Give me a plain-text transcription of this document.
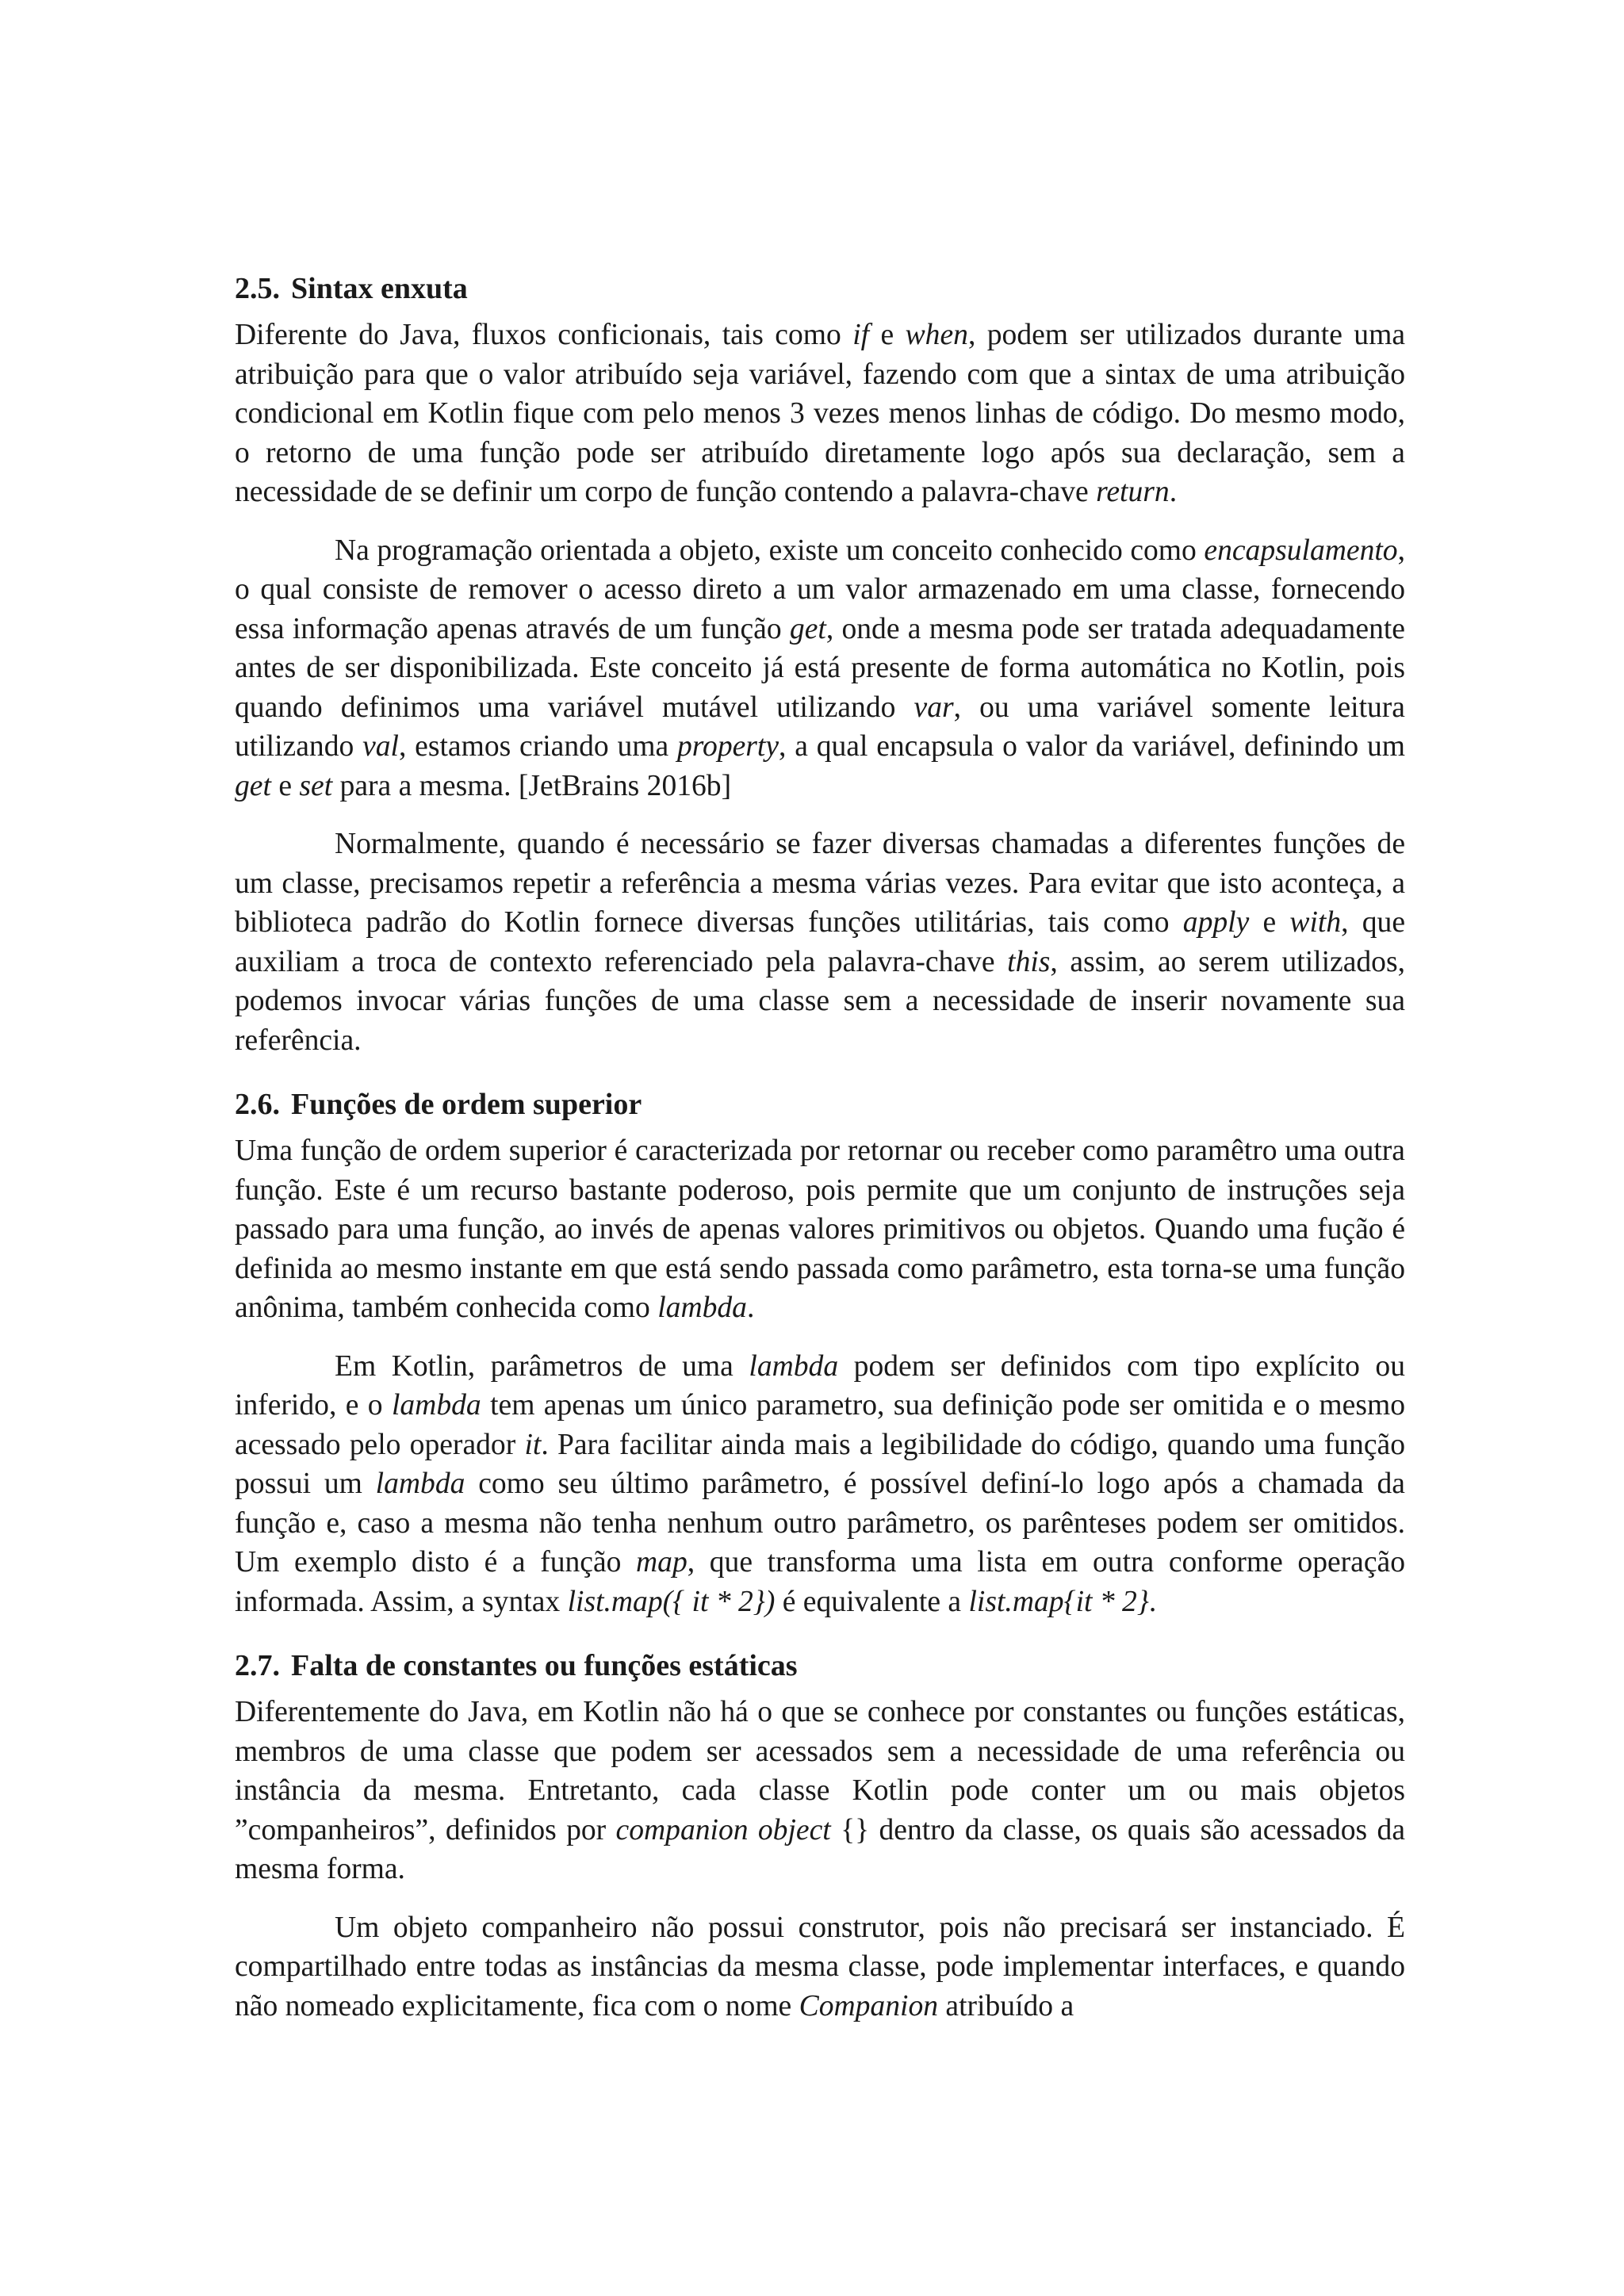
2.5. Sintax enxuta

Diferente do Java, fluxos conficionais, tais como if e when, podem ser utilizados durante uma atribuição para que o valor atribuído seja variável, fazendo com que a sintax de uma atribuição condicional em Kotlin fique com pelo menos 3 vezes menos linhas de código. Do mesmo modo, o retorno de uma função pode ser atribuído diretamente logo após sua declaração, sem a necessidade de se definir um corpo de função contendo a palavra-chave return.

Na programação orientada a objeto, existe um conceito conhecido como encapsulamento, o qual consiste de remover o acesso direto a um valor armazenado em uma classe, fornecendo essa informação apenas através de um função get, onde a mesma pode ser tratada adequadamente antes de ser disponibilizada. Este conceito já está presente de forma automática no Kotlin, pois quando definimos uma variável mutável utilizando var, ou uma variável somente leitura utilizando val, estamos criando uma property, a qual encapsula o valor da variável, definindo um get e set para a mesma. [JetBrains 2016b]

Normalmente, quando é necessário se fazer diversas chamadas a diferentes funções de um classe, precisamos repetir a referência a mesma várias vezes. Para evitar que isto aconteça, a biblioteca padrão do Kotlin fornece diversas funções utilitárias, tais como apply e with, que auxiliam a troca de contexto referenciado pela palavra-chave this, assim, ao serem utilizados, podemos invocar várias funções de uma classe sem a necessidade de inserir novamente sua referência.

2.6. Funções de ordem superior

Uma função de ordem superior é caracterizada por retornar ou receber como paramêtro uma outra função. Este é um recurso bastante poderoso, pois permite que um conjunto de instruções seja passado para uma função, ao invés de apenas valores primitivos ou objetos. Quando uma fução é definida ao mesmo instante em que está sendo passada como parâmetro, esta torna-se uma função anônima, também conhecida como lambda.

Em Kotlin, parâmetros de uma lambda podem ser definidos com tipo explícito ou inferido, e o lambda tem apenas um único parametro, sua definição pode ser omitida e o mesmo acessado pelo operador it. Para facilitar ainda mais a legibilidade do código, quando uma função possui um lambda como seu último parâmetro, é possível definí-lo logo após a chamada da função e, caso a mesma não tenha nenhum outro parâmetro, os parênteses podem ser omitidos. Um exemplo disto é a função map, que transforma uma lista em outra conforme operação informada. Assim, a syntax list.map({ it * 2}) é equivalente a list.map{it * 2}.

2.7. Falta de constantes ou funções estáticas

Diferentemente do Java, em Kotlin não há o que se conhece por constantes ou funções estáticas, membros de uma classe que podem ser acessados sem a necessidade de uma referência ou instância da mesma. Entretanto, cada classe Kotlin pode conter um ou mais objetos ”companheiros”, definidos por companion object {} dentro da classe, os quais são acessados da mesma forma.

Um objeto companheiro não possui construtor, pois não precisará ser instanciado. É compartilhado entre todas as instâncias da mesma classe, pode implementar interfaces, e quando não nomeado explicitamente, fica com o nome Companion atribuído a
